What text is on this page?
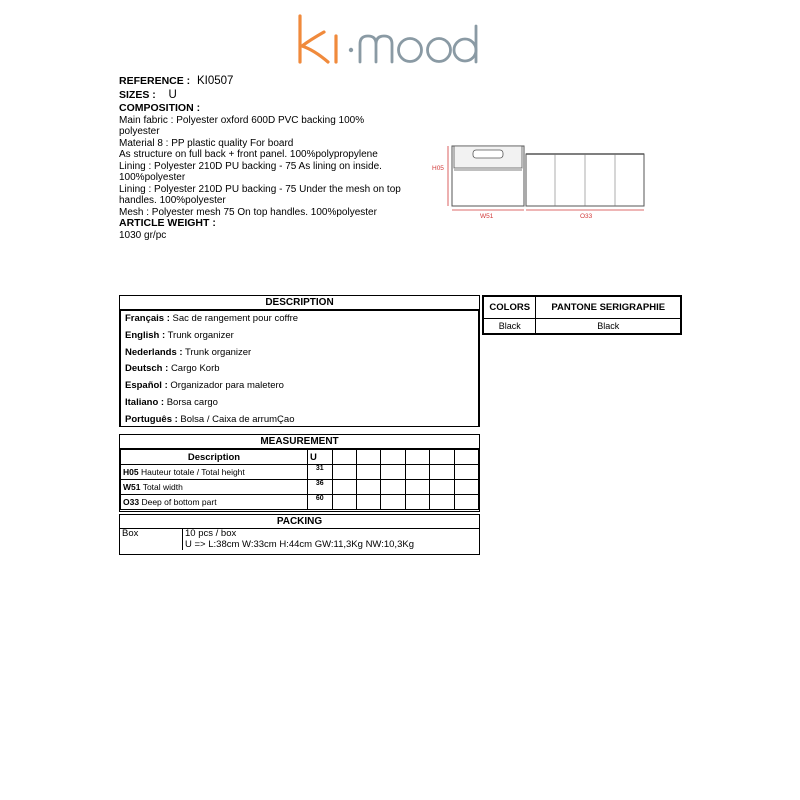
REFERENCE : KI0507
SIZES : U
COMPOSITION :
Main fabric : Polyester oxford 600D PVC backing 100%
polyester
Material 8 : PP plastic quality For board
As structure on full back + front panel. 100%polypropylene
Lining : Polyester 210D PU backing - 75 As lining on inside.
100%polyester
Lining : Polyester 210D PU backing - 75 Under the mesh on top
handles. 100%polyester
Mesh : Polyester mesh 75 On top handles. 100%polyester
ARTICLE WEIGHT :
1030 gr/pc
H05
W51	O33
DESCRIPTION
Français : Sac de rangement pour coffre
English : Trunk organizer
Nederlands : Trunk organizer
Deutsch : Cargo Korb
Español : Organizador para maletero
Italiano : Borsa cargo
Português : Bolsa / Caixa de arrumÇao
COLORS	PANTONE SERIGRAPHIE
Black	Black
MEASUREMENT
Description	U						
H05 Hauteur totale / Total height	31						
W51 Total width	36						
O33 Deep of bottom part	60						
PACKING
Box	10 pcs / box
U => L:38cm W:33cm H:44cm GW:11,3Kg NW:10,3Kg
